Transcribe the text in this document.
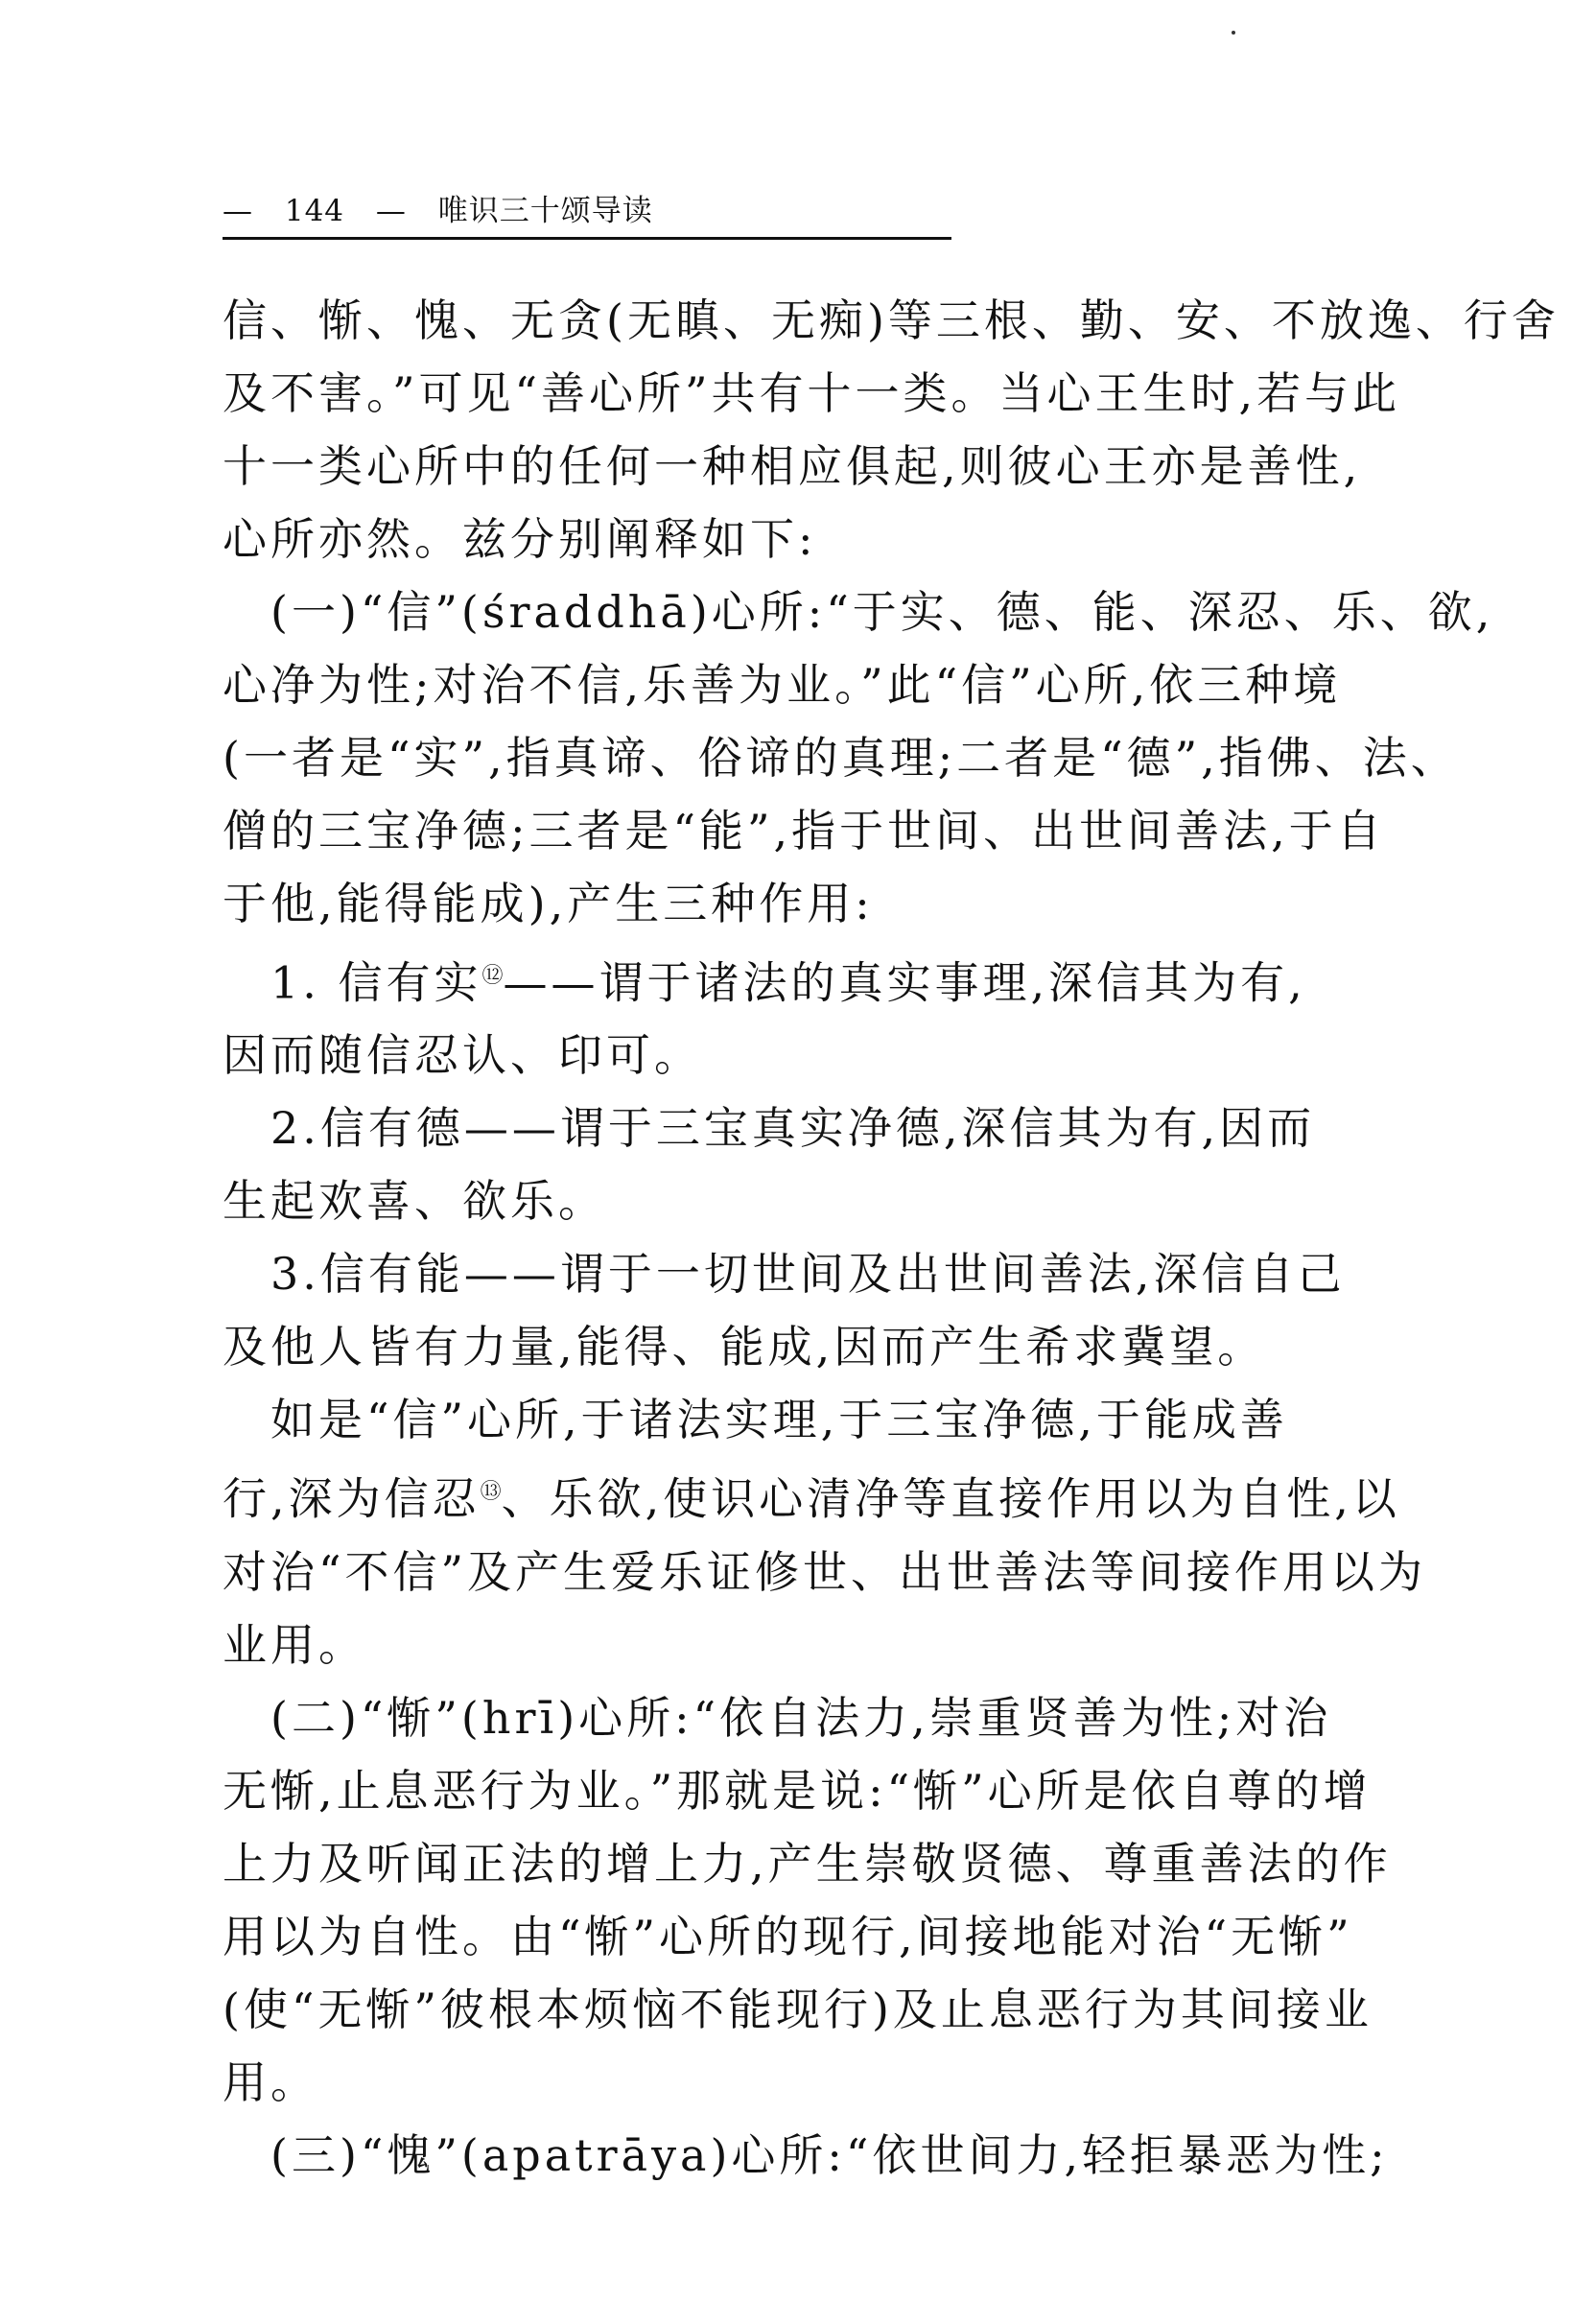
— 144 — 唯识三十颂导读

信、惭、愧、无贪(无瞋、无痴)等三根、勤、安、不放逸、行舍

及不害。”可见“善心所”共有十一类。当心王生时,若与此

十一类心所中的任何一种相应俱起,则彼心王亦是善性,

心所亦然。兹分别阐释如下:

　(一)“信”(śraddhā)心所:“于实、德、能、深忍、乐、欲,

心净为性;对治不信,乐善为业。”此“信”心所,依三种境

(一者是“实”,指真谛、俗谛的真理;二者是“德”,指佛、法、

僧的三宝净德;三者是“能”,指于世间、出世间善法,于自

于他,能得能成),产生三种作用:

　1. 信有实⑫——谓于诸法的真实事理,深信其为有,

因而随信忍认、印可。

　2.信有德——谓于三宝真实净德,深信其为有,因而

生起欢喜、欲乐。

　3.信有能——谓于一切世间及出世间善法,深信自己

及他人皆有力量,能得、能成,因而产生希求冀望。

　如是“信”心所,于诸法实理,于三宝净德,于能成善

行,深为信忍⑬、乐欲,使识心清净等直接作用以为自性,以

对治“不信”及产生爱乐证修世、出世善法等间接作用以为

业用。

　(二)“惭”(hrī)心所:“依自法力,崇重贤善为性;对治

无惭,止息恶行为业。”那就是说:“惭”心所是依自尊的增

上力及听闻正法的增上力,产生崇敬贤德、尊重善法的作

用以为自性。由“惭”心所的现行,间接地能对治“无惭”

(使“无惭”彼根本烦恼不能现行)及止息恶行为其间接业

用。

　(三)“愧”(apatrāya)心所:“依世间力,轻拒暴恶为性;
